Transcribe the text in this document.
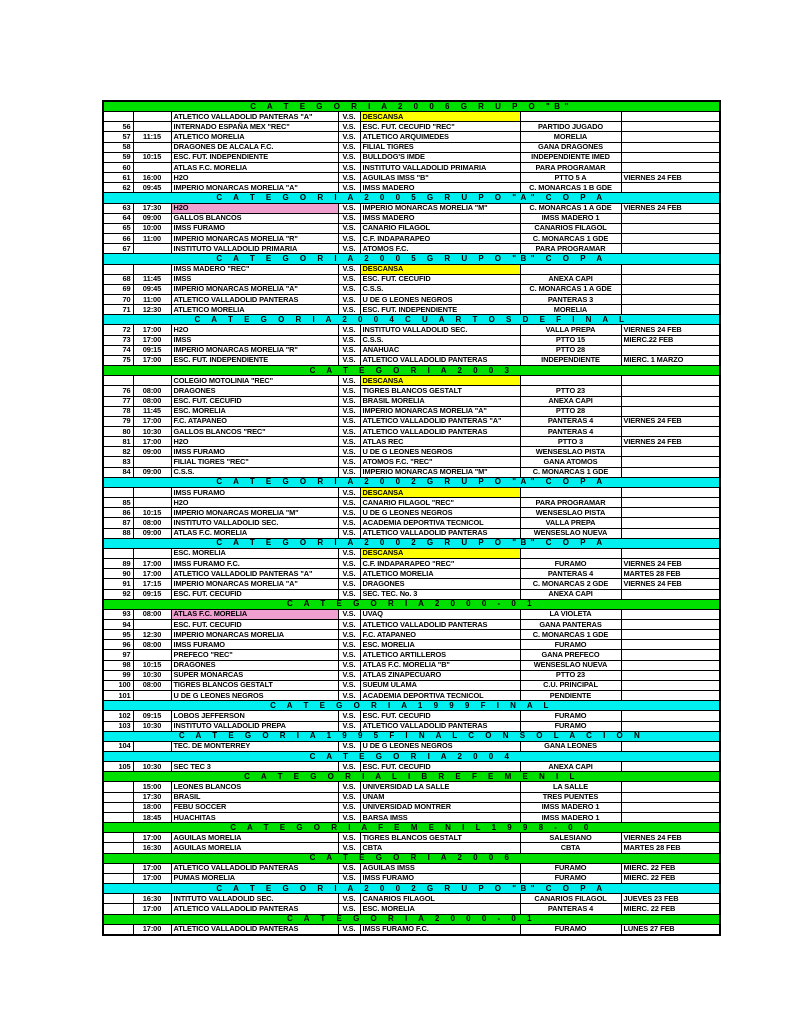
C A T E G O R I A 2 0 0 6 G R U P O "B"						
		ATLETICO VALLADOLID PANTERAS "A"	V.S.	DESCANSA		
56		INTERNADO ESPAÑA MEX "REC"	V.S.	ESC. FUT. CECUFID "REC"	PARTIDO JUGADO	
57	11:15	ATLETICO MORELIA	V.S.	ATLETICO ARQUIMEDES	MORELIA	
58		DRAGONES DE ALCALA F.C.	V.S.	FILIAL TIGRES	GANA DRAGONES	
59	10:15	ESC. FUT. INDEPENDIENTE	V.S.	BULLDOG'S IMDE	INDEPENDIENTE IMED	
60		ATLAS F.C. MORELIA	V.S.	INSTITUTO VALLADOLID PRIMARIA	PARA PROGRAMAR	
61	16:00	H2O	V.S.	AGUILAS IMSS "B"	PTTO 5 A	VIERNES 24 FEB
62	09:45	IMPERIO MONARCAS MORELIA "A"	V.S.	IMSS MADERO	C. MONARCAS 1 B GDE	
C A T E G O R I A 2 0 0 5 G R U P O "A" C O P A						
63	17:30	H2O	V.S.	IMPERIO MONARCAS MORELIA "M"	C. MONARCAS 1 A GDE	VIERNES 24 FEB
64	09:00	GALLOS BLANCOS	V.S.	IMSS MADERO	IMSS MADERO 1	
65	10:00	IMSS FURAMO	V.S.	CANARIO FILAGOL	CANARIOS FILAGOL	
66	11:00	IMPERIO MONARCAS MORELIA "R"	V.S.	C.F. INDAPARAPEO	C. MONARCAS 1 GDE	
67		INSTITUTO VALLADOLID PRIMARIA	V.S.	ATOMOS F.C.	PARA PROGRAMAR	
C A T E G O R I A 2 0 0 5 G R U P O "B" C O P A						
		IMSS MADERO "REC"	V.S.	DESCANSA		
68	11:45	IMSS	V.S.	ESC. FUT. CECUFID	ANEXA CAPI	
69	09:45	IMPERIO MONARCAS MORELIA "A"	V.S.	C.S.S.	C. MONARCAS 1 A GDE	
70	11:00	ATLETICO VALLADOLID PANTERAS	V.S.	U DE G LEONES NEGROS	PANTERAS 3	
71	12:30	ATLETICO MORELIA	V.S.	ESC. FUT. INDEPENDIENTE	MORELIA	
C A T E G O R I A 2 0 0 4 C U A R T O S D E F I N A L						
72	17:00	H2O	V.S.	INSTITUTO VALLADOLID SEC.	VALLA PREPA	VIERNES 24 FEB
73	17:00	IMSS	V.S.	C.S.S.	PTTO 15	MIERC.22 FEB
74	09:15	IMPERIO MONARCAS MORELIA "R"	V.S.	ANAHUAC	PTTO 28	
75	17:00	ESC. FUT. INDEPENDIENTE	V.S.	ATLETICO VALLADOLID PANTERAS	INDEPENDIENTE	MIERC. 1 MARZO
C A T E G O R I A 2 0 0 3						
		COLEGIO MOTOLINIA "REC"	V.S.	DESCANSA		
76	08:00	DRAGONES	V.S.	TIGRES BLANCOS GESTALT	PTTO 23	
77	08:00	ESC. FUT. CECUFID	V.S.	BRASIL MORELIA	ANEXA CAPI	
78	11:45	ESC. MORELIA	V.S.	IMPERIO MONARCAS MORELIA "A"	PTTO 28	
79	17:00	F.C. ATAPANEO	V.S.	ATLETICO VALLADOLID PANTERAS "A"	PANTERAS 4	VIERNES 24 FEB
80	10:30	GALLOS BLANCOS "REC"	V.S.	ATLETICO VALLADOLID PANTERAS	PANTERAS 4	
81	17:00	H2O	V.S.	ATLAS REC	PTTO 3	VIERNES 24 FEB
82	09:00	IMSS FURAMO	V.S.	U DE G LEONES NEGROS	WENSESLAO PISTA	
83		FILIAL TIGRES "REC"	V.S.	ATOMOS F.C. "REC"	GANA ATOMOS	
84	09:00	C.S.S.	V.S.	IMPERIO MONARCAS MORELIA "M"	C. MONARCAS 1 GDE	
C A T E G O R I A 2 0 0 2 G R U P O "A" C O P A						
		IMSS FURAMO	V.S.	DESCANSA		
85		H2O	V.S.	CANARIO FILAGOL "REC"	PARA PROGRAMAR	
86	10:15	IMPERIO MONARCAS MORELIA "M"	V.S.	U DE G LEONES NEGROS	WENSESLAO PISTA	
87	08:00	INSTITUTO VALLADOLID SEC.	V.S.	ACADEMIA DEPORTIVA TECNICOL	VALLA PREPA	
88	09:00	ATLAS F.C. MORELIA	V.S.	ATLETICO VALLADOLID PANTERAS	WENSESLAO NUEVA	
C A T E G O R I A 2 0 0 2 G R U P O "B" C O P A						
		ESC. MORELIA	V.S.	DESCANSA		
89	17:00	IMSS FURAMO F.C.	V.S.	C.F. INDAPARAPEO "REC"	FURAMO	VIERNES 24 FEB
90	17:00	ATLETICO VALLADOLID PANTERAS "A"	V.S.	ATLETICO MORELIA	PANTERAS 4	MARTES 28 FEB
91	17:15	IMPERIO MONARCAS MORELIA "A"	V.S.	DRAGONES	C. MONARCAS 2 GDE	VIERNES 24 FEB
92	09:15	ESC. FUT. CECUFID	V.S.	SEC. TEC. No. 3	ANEXA CAPI	
C A T E G O R I A 2 0 0 0 - 0 1						
93	08:00	ATLAS F.C. MORELIA	V.S.	UVAQ	LA VIOLETA	
94		ESC. FUT. CECUFID	V.S.	ATLETICO VALLADOLID PANTERAS	GANA PANTERAS	
95	12:30	IMPERIO MONARCAS MORELIA	V.S.	F.C. ATAPANEO	C. MONARCAS 1 GDE	
96	08:00	IMSS FURAMO	V.S.	ESC. MORELIA	FURAMO	
97		PREFECO "REC"	V.S.	ATLETICO ARTILLEROS	GANA PREFECO	
98	10:15	DRAGONES	V.S.	ATLAS F.C. MORELIA "B"	WENSESLAO NUEVA	
99	10:30	SUPER MONARCAS	V.S.	ATLAS ZINAPECUARO	PTTO 23	
100	08:00	TIGRES BLANCOS GESTALT	V.S.	SUEUM ULAMA	C.U. PRINCIPAL	
101		U DE G LEONES NEGROS	V.S.	ACADEMIA DEPORTIVA TECNICOL	PENDIENTE	
C A T E G O R I A 1 9 9 9 F I N A L						
102	09:15	LOBOS JEFFERSON	V.S.	ESC. FUT. CECUFID	FURAMO	
103	10:30	INSTITUTO VALLADOLID PREPA	V.S.	ATLETICO VALLADOLID PANTERAS	FURAMO	
C A T E G O R I A 1 9 9 5 F I N A L C O N S O L A C I O N						
104		TEC. DE MONTERREY	V.S.	U DE G LEONES NEGROS	GANA LEONES	
C A T E G O R I A 2 0 0 4						
105	10:30	SEC TEC 3	V.S.	ESC. FUT. CECUFID	ANEXA CAPI	
C A T E G O R I A L I B R E F E M E N I L						
	15:00	LEONES BLANCOS	V.S.	UNIVERSIDAD LA SALLE	LA SALLE	
	17:30	BRASIL	V.S.	UNAM	TRES PUENTES	
	18:00	FEBU SOCCER	V.S.	UNIVERSIDAD MONTRER	IMSS MADERO 1	
	18:45	HUACHITAS	V.S.	BARSA IMSS	IMSS MADERO 1	
C A T E G O R I A F E M E N I L 1 9 9 8 - 0 0						
	17:00	AGUILAS MORELIA	V.S.	TIGRES BLANCOS GESTALT	SALESIANO	VIERNES 24 FEB
	16:30	AGUILAS MORELIA	V.S.	CBTA	CBTA	MARTES 28 FEB
C A T E G O R I A 2 0 0 6						
	17:00	ATLETICO VALLADOLID PANTERAS	V.S.	AGUILAS IMSS	FURAMO	MIERC. 22 FEB
	17:00	PUMAS MORELIA	V.S.	IMSS FURAMO	FURAMO	MIERC. 22 FEB
C A T E G O R I A 2 0 0 2 G R U P O "B" C O P A						
	16:30	INTITUTO VALLADOLID SEC.	V.S.	CANARIOS FILAGOL	CANARIOS FILAGOL	JUEVES 23 FEB
	17:00	ATLETICO VALLADOLID PANTERAS	V.S.	ESC. MORELIA	PANTERAS 4	MIERC. 22 FEB
C A T E G O R I A 2 0 0 0 - 0 1						
	17:00	ATLETICO VALLADOLID PANTERAS	V.S.	IMSS FURAMO F.C.	FURAMO	LUNES 27 FEB
